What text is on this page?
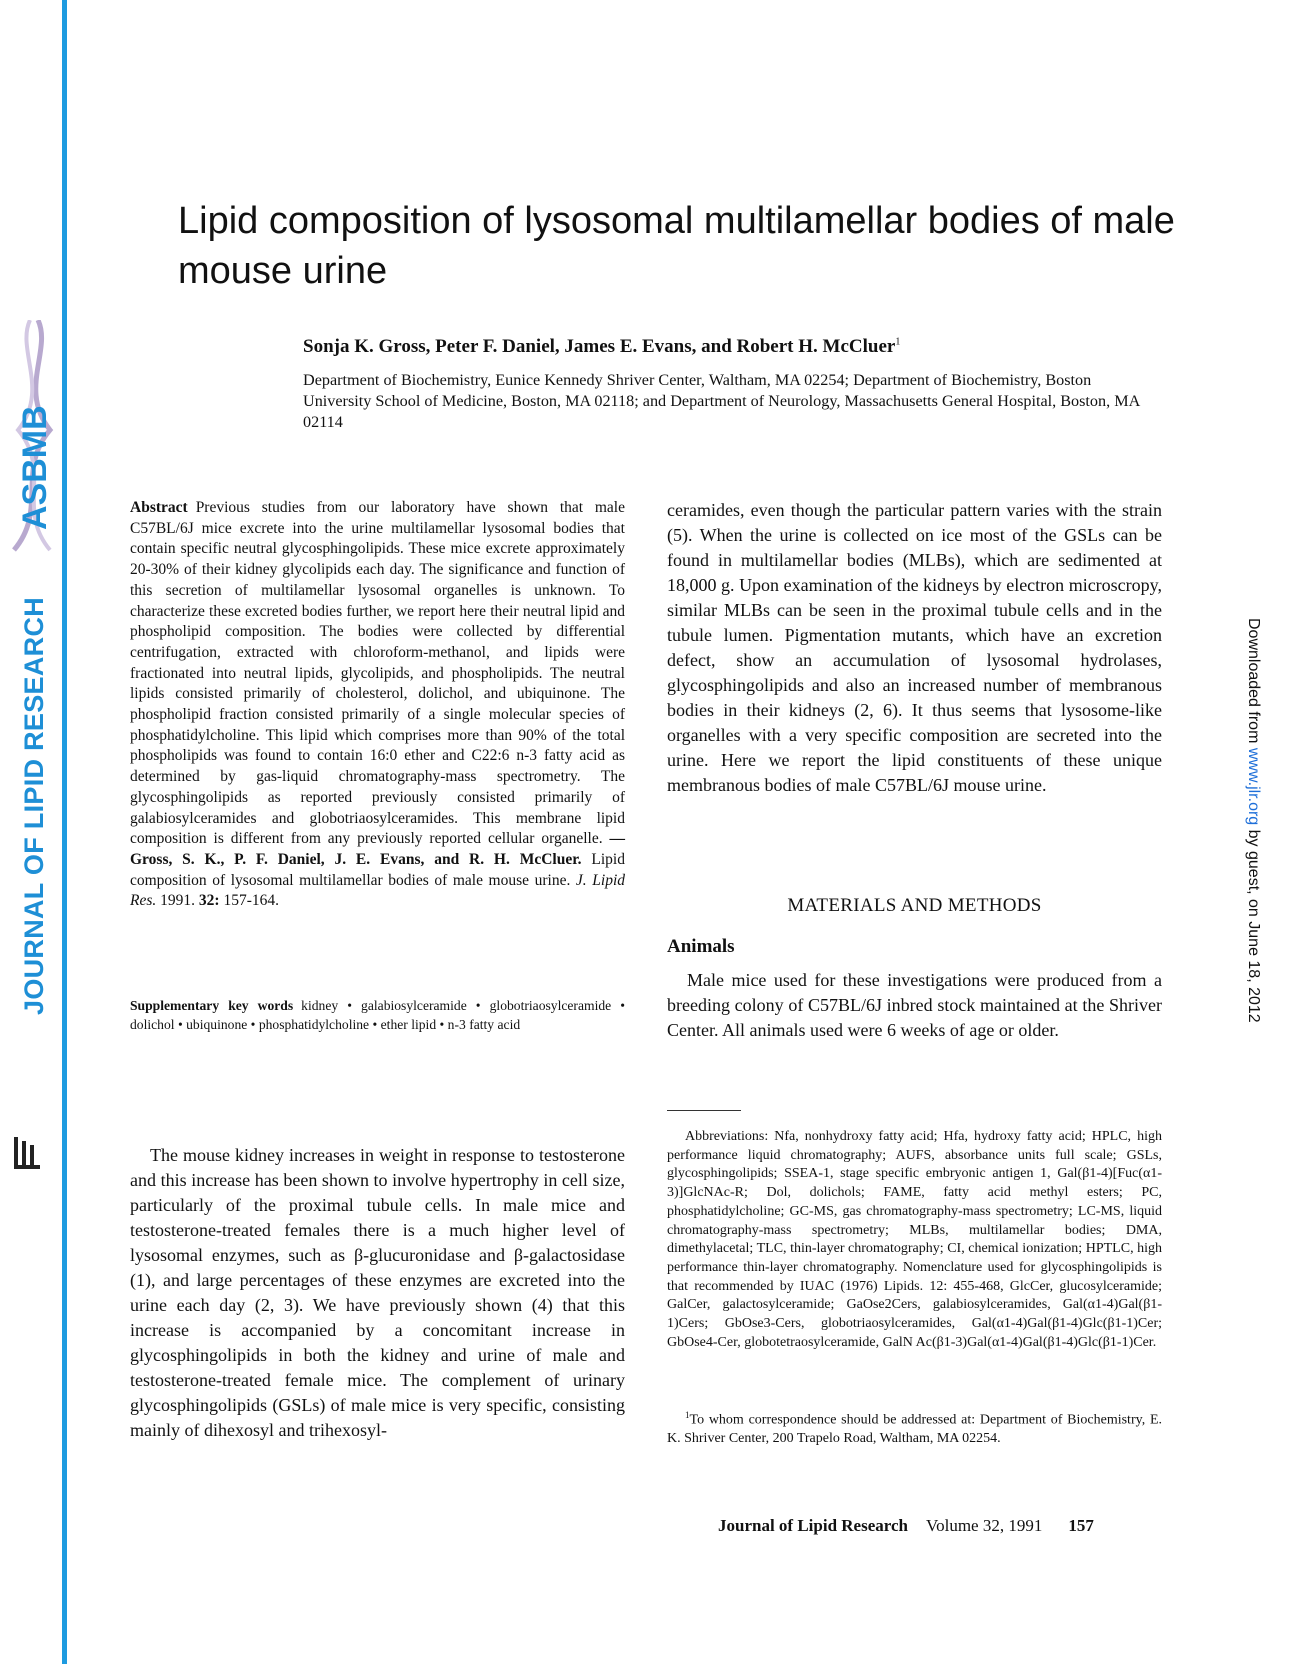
ASBMB
JOURNAL OF LIPID RESEARCH	Downloaded from www.jlr.org by guest, on June 18, 2012
Lipid composition of lysosomal multilamellar bodies of male mouse urine
Sonja K. Gross, Peter F. Daniel, James E. Evans, and Robert H. McCluer$^1$
Department of Biochemistry, Eunice Kennedy Shriver Center, Waltham, MA 02254; Department of Biochemistry, Boston University School of Medicine, Boston, MA 02118; and Department of Neurology, Massachusetts General Hospital, Boston, MA 02114
Abstract Previous studies from our laboratory have shown that male C57BL/6J mice excrete into the urine multilamellar lysosomal bodies that contain specific neutral glycosphingolipids. These mice excrete approximately 20-30% of their kidney glycolipids each day. The significance and function of this secretion of multilamellar lysosomal organelles is unknown. To characterize these excreted bodies further, we report here their neutral lipid and phospholipid composition. The bodies were collected by differential centrifugation, extracted with chloroform-methanol, and lipids were fractionated into neutral lipids, glycolipids, and phospholipids. The neutral lipids consisted primarily of cholesterol, dolichol, and ubiquinone. The phospholipid fraction consisted primarily of a single molecular species of phosphatidylcholine. This lipid which comprises more than 90% of the total phospholipids was found to contain 16:0 ether and C22:6 n-3 fatty acid as determined by gas-liquid chromatography-mass spectrometry. The glycosphingolipids as reported previously consisted primarily of galabiosylceramides and globotriaosylceramides. This membrane lipid composition is different from any previously reported cellular organelle. —Gross, S. K., P. F. Daniel, J. E. Evans, and R. H. McCluer. Lipid composition of lysosomal multilamellar bodies of male mouse urine. J. Lipid Res. 1991. 32: 157-164.
Supplementary key words kidney • galabiosylceramide • globotriaosylceramide • dolichol • ubiquinone • phosphatidylcholine • ether lipid • n-3 fatty acid

The mouse kidney increases in weight in response to testosterone and this increase has been shown to involve hypertrophy in cell size, particularly of the proximal tubule cells. In male mice and testosterone-treated females there is a much higher level of lysosomal enzymes, such as β-glucuronidase and β-galactosidase (1), and large percentages of these enzymes are excreted into the urine each day (2, 3). We have previously shown (4) that this increase is accompanied by a concomitant increase in glycosphingolipids in both the kidney and urine of male and testosterone-treated female mice. The complement of urinary glycosphingolipids (GSLs) of male mice is very specific, consisting mainly of dihexosyl and trihexosyl-

ceramides, even though the particular pattern varies with the strain (5). When the urine is collected on ice most of the GSLs can be found in multilamellar bodies (MLBs), which are sedimented at 18,000 g. Upon examination of the kidneys by electron microscropy, similar MLBs can be seen in the proximal tubule cells and in the tubule lumen. Pigmentation mutants, which have an excretion defect, show an accumulation of lysosomal hydrolases, glycosphingolipids and also an increased number of membranous bodies in their kidneys (2, 6). It thus seems that lysosome-like organelles with a very specific composition are secreted into the urine. Here we report the lipid constituents of these unique membranous bodies of male C57BL/6J mouse urine.

MATERIALS AND METHODS
Animals

Male mice used for these investigations were produced from a breeding colony of C57BL/6J inbred stock maintained at the Shriver Center. All animals used were 6 weeks of age or older.

Abbreviations: Nfa, nonhydroxy fatty acid; Hfa, hydroxy fatty acid; HPLC, high performance liquid chromatography; AUFS, absorbance units full scale; GSLs, glycosphingolipids; SSEA-1, stage specific embryonic antigen 1, Gal(β1-4)[Fuc(α1-3)]GlcNAc-R; Dol, dolichols; FAME, fatty acid methyl esters; PC, phosphatidylcholine; GC-MS, gas chromatography-mass spectrometry; LC-MS, liquid chromatography-mass spectrometry; MLBs, multilamellar bodies; DMA, dimethylacetal; TLC, thin-layer chromatography; CI, chemical ionization; HPTLC, high performance thin-layer chromatography. Nomenclature used for glycosphingolipids is that recommended by IUAC (1976) Lipids. 12: 455-468, GlcCer, glucosylceramide; GalCer, galactosylceramide; GaOse2Cers, galabiosylceramides, Gal(α1-4)Gal(β1-1)Cers; GbOse3-Cers, globotriaosylceramides, Gal(α1-4)Gal(β1-4)Glc(β1-1)Cer; GbOse4-Cer, globotetraosylceramide, GalN Ac(β1-3)Gal(α1-4)Gal(β1-4)Glc(β1-1)Cer.

$^1$To whom correspondence should be addressed at: Department of Biochemistry, E. K. Shriver Center, 200 Trapelo Road, Waltham, MA 02254.

Journal of Lipid Research Volume 32, 1991 157
